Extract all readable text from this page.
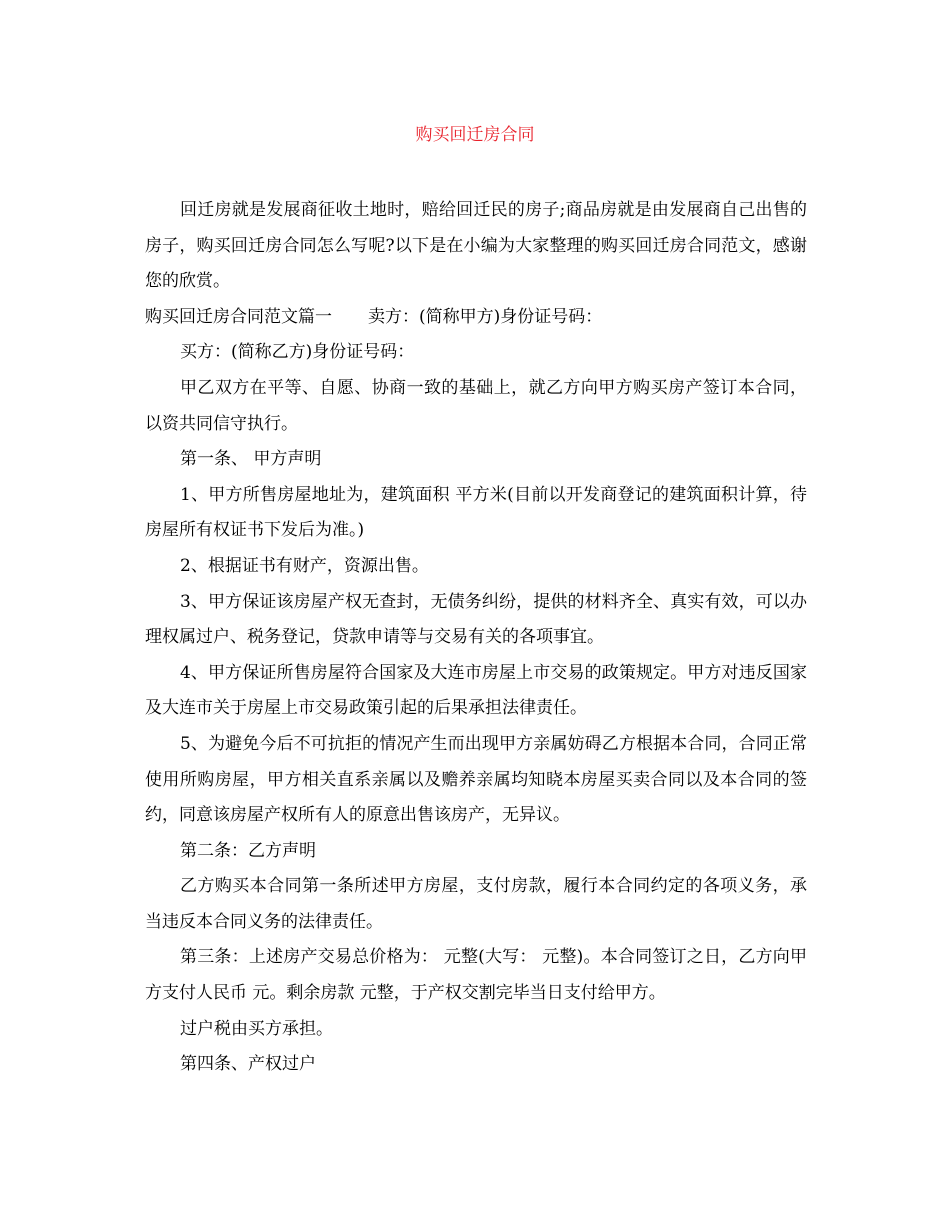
购买回迁房合同

回迁房就是发展商征收土地时，赔给回迁民的房子;商品房就是由发展商自己出售的房子，购买回迁房合同怎么写呢?以下是在小编为大家整理的购买回迁房合同范文，感谢您的欣赏。

购买回迁房合同范文篇一 卖方：(简称甲方)身份证号码：

买方：(简称乙方)身份证号码：

甲乙双方在平等、自愿、协商一致的基础上，就乙方向甲方购买房产签订本合同，以资共同信守执行。

第一条、 甲方声明

1、甲方所售房屋地址为，建筑面积 平方米(目前以开发商登记的建筑面积计算，待房屋所有权证书下发后为准。)

2、根据证书有财产，资源出售。

3、甲方保证该房屋产权无查封，无债务纠纷，提供的材料齐全、真实有效，可以办理权属过户、税务登记，贷款申请等与交易有关的各项事宜。

4、甲方保证所售房屋符合国家及大连市房屋上市交易的政策规定。甲方对违反国家及大连市关于房屋上市交易政策引起的后果承担法律责任。

5、为避免今后不可抗拒的情况产生而出现甲方亲属妨碍乙方根据本合同，合同正常使用所购房屋，甲方相关直系亲属以及赡养亲属均知晓本房屋买卖合同以及本合同的签约，同意该房屋产权所有人的原意出售该房产，无异议。

第二条：乙方声明

乙方购买本合同第一条所述甲方房屋，支付房款，履行本合同约定的各项义务，承当违反本合同义务的法律责任。

第三条：上述房产交易总价格为： 元整(大写： 元整)。本合同签订之日，乙方向甲方支付人民币 元。剩余房款 元整，于产权交割完毕当日支付给甲方。

过户税由买方承担。

第四条、产权过户
